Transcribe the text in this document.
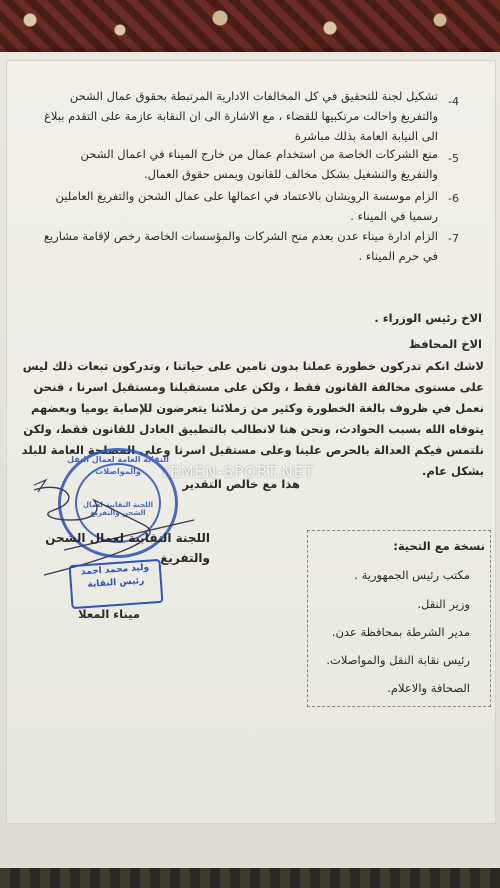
-4
تشكيل لجنة للتحقيق في كل المخالفات الادارية المرتبطة بحقوق عمال الشحن والتفريغ واحالت مرتكبيها للقضاء ، مع الاشارة الى ان النقابة عازمة على التقدم ببلاغ الى النيابة العامة بذلك مباشرة
-5
منع الشركات الخاصة من استخدام عمال من خارج الميناء في اعمال الشحن والتفريغ والتشغيل بشكل مخالف للقانون ويمس حقوق العمال.
-6
الزام موسسة الرويشان بالاعتماد في اعمالها على عمال الشحن والتفريغ العاملين رسميا في الميناء .
-7
الزام ادارة ميناء عدن بعدم منح الشركات والمؤسسات الخاصة رخص لإقامة مشاريع في حرم الميناء .
الاخ رئيس الوزراء .
الاخ المحافظ
لاشك انكم تدركون خطورة عملنا بدون تامين على حياتنا ، وتدركون تبعات ذلك ليس على مستوى مخالفة القانون فقط ، ولكن على مستقبلنا ومستقبل اسرنا ، فنحن نعمل في ظروف بالغة الخطورة وكثير من زملائنا يتعرضون للإصابة يوميا وبعضهم يتوفاه الله بسبب الحوادث، ونحن هنا لانطالب بالتطبيق العادل للقانون فقط، ولكن نلتمس فيكم العدالة بالحرص علينا وعلى مستقبل اسرنا وعلى المصلحة العامة للبلد بشكل عام.
YEMEN-SPORT.NET
هذا مع خالص التقدير
النقابة العامة لعمال النقل
والمواصلات
اللجنة النقابية لعمال الشحن والتفريغ
اللجنة النقابية لعمال الشحن والتفريغ
ميناء المعلا
وليد محمد احمد
رئيس النقابة
نسخة مع التحية:
مكتب رئيس الجمهورية .
وزير النقل.
مدير الشرطة بمحافظة عدن.
رئيس نقابة النقل والمواصلات.
الصحافة والاعلام.
